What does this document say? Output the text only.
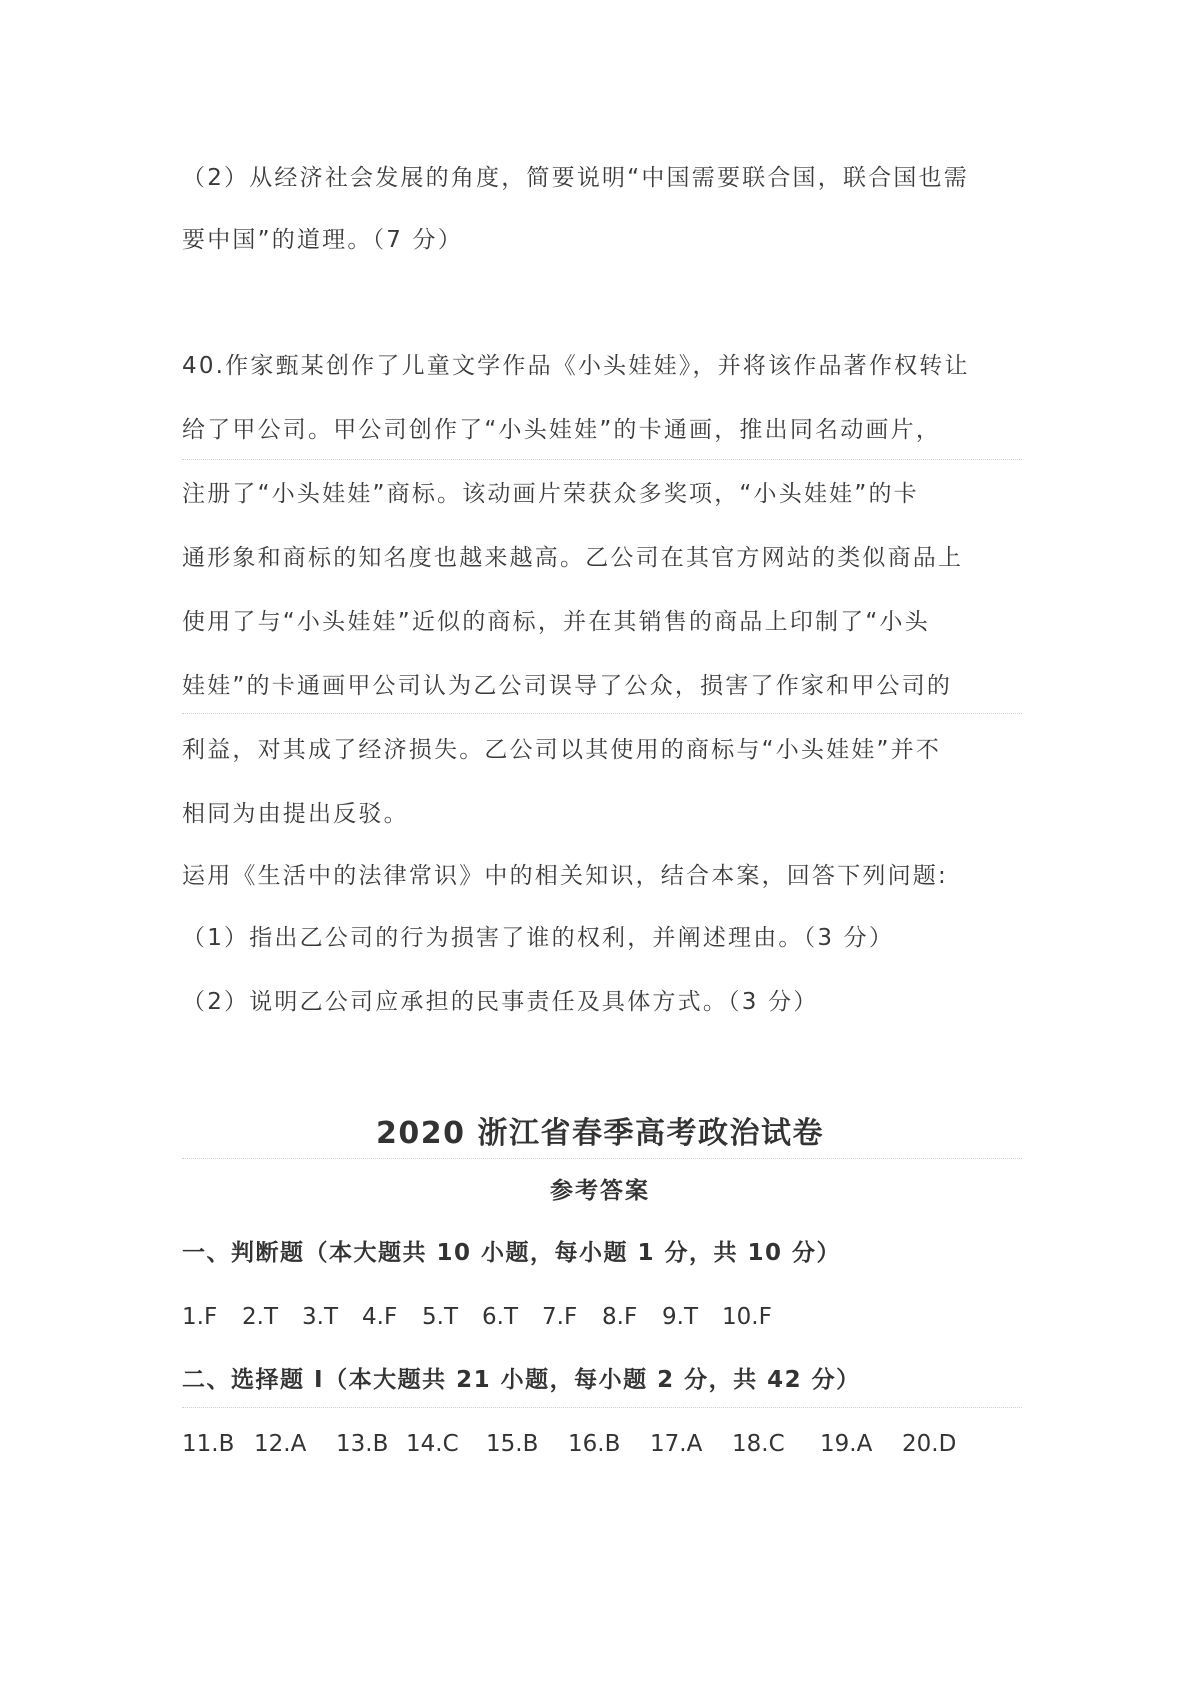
（2）从经济社会发展的角度，简要说明“中国需要联合国，联合国也需
要中国”的道理。（7 分）
40.作家甄某创作了儿童文学作品《小头娃娃》，并将该作品著作权转让
给了甲公司。甲公司创作了“小头娃娃”的卡通画，推出同名动画片，
注册了“小头娃娃”商标。该动画片荣获众多奖项，“小头娃娃”的卡
通形象和商标的知名度也越来越高。乙公司在其官方网站的类似商品上
使用了与“小头娃娃”近似的商标，并在其销售的商品上印制了“小头
娃娃”的卡通画甲公司认为乙公司误导了公众，损害了作家和甲公司的
利益，对其成了经济损失。乙公司以其使用的商标与“小头娃娃”并不
相同为由提出反驳。
运用《生活中的法律常识》中的相关知识，结合本案，回答下列问题:
（1）指出乙公司的行为损害了谁的权利，并阐述理由。（3 分）
（2）说明乙公司应承担的民事责任及具体方式。（3 分）
2020 浙江省春季高考政治试卷
参考答案
一、判断题（本大题共 10 小题，每小题 1 分，共 10 分）
1.F 2.T 3.T 4.F 5.T 6.T 7.F 8.F 9.T 10.F
二、选择题 I（本大题共 21 小题，每小题 2 分，共 42 分）
11.B 12.A 13.B 14.C 15.B 16.B 17.A 18.C 19.A 20.D
